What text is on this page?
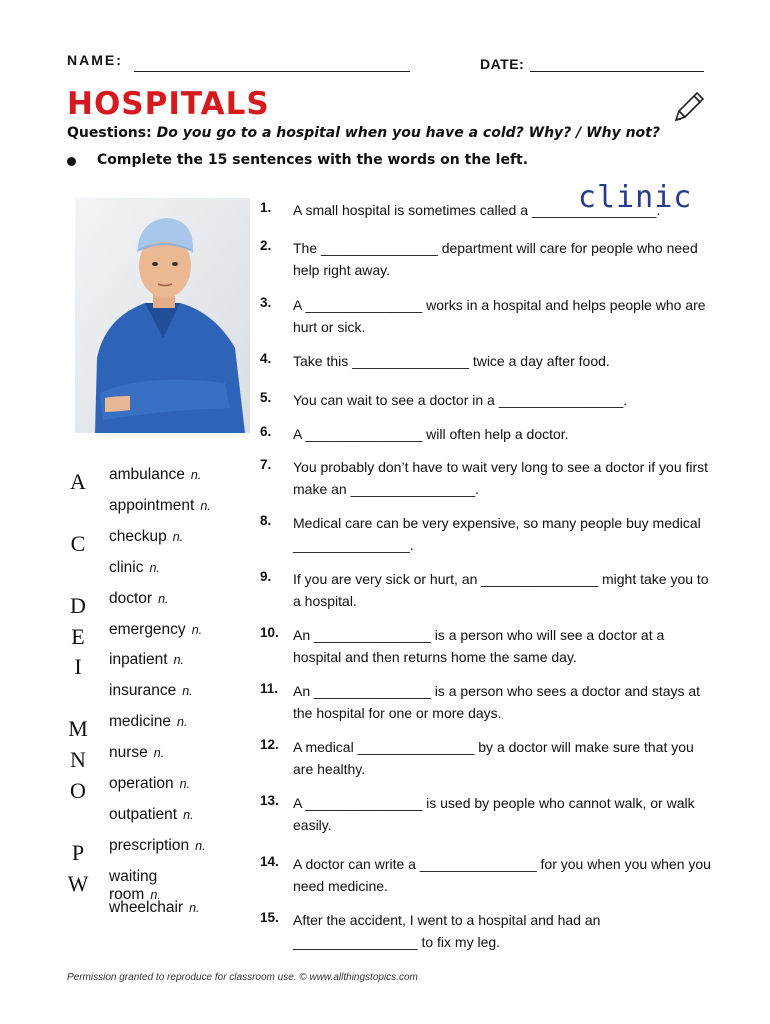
NAME:	DATE:
HOSPITALS
Questions: Do you go to a hospital when you have a cold? Why? / Why not?
Complete the 15 sentences with the words on the left.
clinic
A	ambulance n.
appointment n.
C	checkup n.
clinic n.
D	doctor n.
E	emergency n.
I	inpatient n.
insurance n.
M medicine n.
N	nurse n.
O	operation n.
outpatient n.
P	prescription n.
W waiting room n.
wheelchair n.
1. A small hospital is sometimes called a ________________.
2. The _______________ department will care for people who need help right away.
3. A _______________ works in a hospital and helps people who are hurt or sick.
4. Take this _______________ twice a day after food.
5. You can wait to see a doctor in a ________________.
6. A _______________ will often help a doctor.
7. You probably don’t have to wait very long to see a doctor if you first make an ________________.
8. Medical care can be very expensive, so many people buy medical _______________.
9. If you are very sick or hurt, an _______________ might take you to a hospital.
10. An _______________ is a person who will see a doctor at a hospital and then returns home the same day.
11. An _______________ is a person who sees a doctor and stays at the hospital for one or more days.
12. A medical _______________ by a doctor will make sure that you are healthy.
13. A _______________ is used by people who cannot walk, or walk easily.
14. A doctor can write a _______________ for you when you when you need medicine.
15. After the accident, I went to a hospital and had an ________________ to fix my leg.
Permission granted to reproduce for classroom use. © www.allthingstopics.com
